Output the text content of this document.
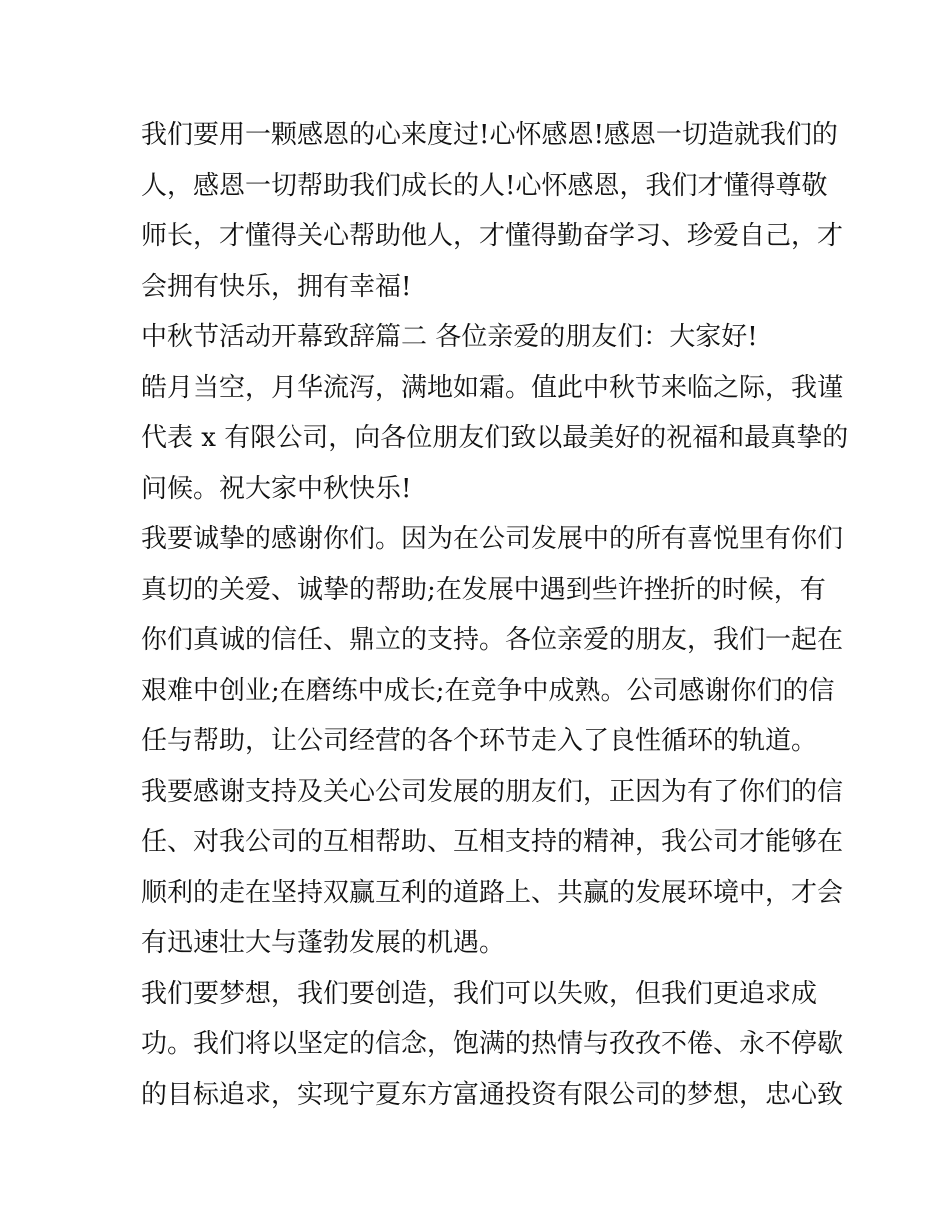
我们要用一颗感恩的心来度过!心怀感恩!感恩一切造就我们的
人，感恩一切帮助我们成长的人!心怀感恩，我们才懂得尊敬
师长，才懂得关心帮助他人，才懂得勤奋学习、珍爱自己，才
会拥有快乐，拥有幸福!
中秋节活动开幕致辞篇二 各位亲爱的朋友们：大家好!
皓月当空，月华流泻，满地如霜。值此中秋节来临之际，我谨
代表 x 有限公司，向各位朋友们致以最美好的祝福和最真挚的
问候。祝大家中秋快乐!
我要诚挚的感谢你们。因为在公司发展中的所有喜悦里有你们
真切的关爱、诚挚的帮助;在发展中遇到些许挫折的时候，有
你们真诚的信任、鼎立的支持。各位亲爱的朋友，我们一起在
艰难中创业;在磨练中成长;在竞争中成熟。公司感谢你们的信
任与帮助，让公司经营的各个环节走入了良性循环的轨道。
我要感谢支持及关心公司发展的朋友们，正因为有了你们的信
任、对我公司的互相帮助、互相支持的精神，我公司才能够在
顺利的走在坚持双赢互利的道路上、共赢的发展环境中，才会
有迅速壮大与蓬勃发展的机遇。
我们要梦想，我们要创造，我们可以失败，但我们更追求成
功。我们将以坚定的信念，饱满的热情与孜孜不倦、永不停歇
的目标追求，实现宁夏东方富通投资有限公司的梦想，忠心致
